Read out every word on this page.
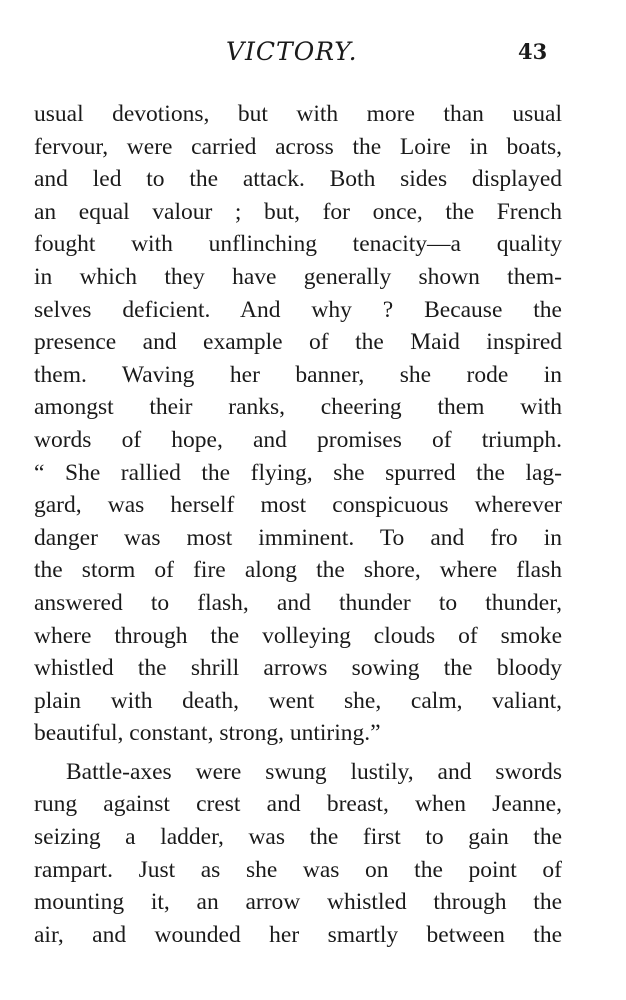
VICTORY.	43
usual devotions, but with more than usual
fervour, were carried across the Loire in boats,
and led to the attack. Both sides displayed
an equal valour ; but, for once, the French
fought with unflinching tenacity—a quality
in which they have generally shown them-
selves deficient. And why ? Because the
presence and example of the Maid inspired
them. Waving her banner, she rode in
amongst their ranks, cheering them with
words of hope, and promises of triumph.
“ She rallied the flying, she spurred the lag-
gard, was herself most conspicuous wherever
danger was most imminent. To and fro in
the storm of fire along the shore, where flash
answered to flash, and thunder to thunder,
where through the volleying clouds of smoke
whistled the shrill arrows sowing the bloody
plain with death, went she, calm, valiant,
beautiful, constant, strong, untiring.”
Battle-axes were swung lustily, and swords
rung against crest and breast, when Jeanne,
seizing a ladder, was the first to gain the
rampart. Just as she was on the point of
mounting it, an arrow whistled through the
air, and wounded her smartly between the
